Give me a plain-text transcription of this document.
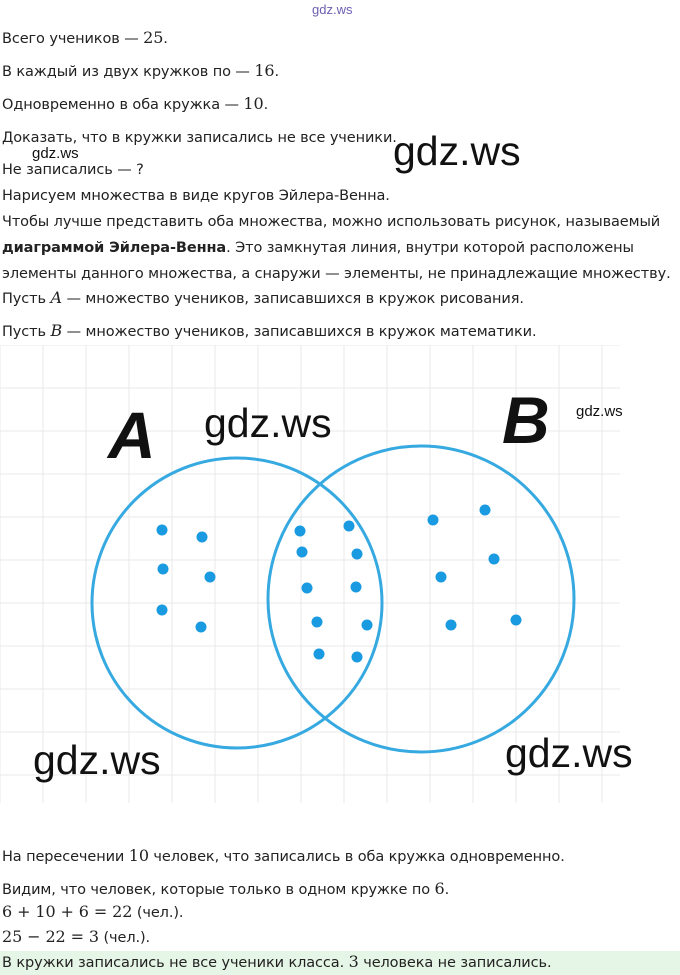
gdz.ws

Всего учеников — 25.

В каждый из двух кружков по — 16.

Одновременно в оба кружка — 10.

Доказать, что в кружки записались не все ученики.

gdz.ws
gdz.ws

Не записались — ?

Нарисуем множества в виде кругов Эйлера-Венна.

Чтобы лучше представить оба множества, можно использовать рисунок, называемый

диаграммой Эйлера-Венна. Это замкнутая линия, внутри которой расположены

элементы данного множества, а снаружи — элементы, не принадлежащие множеству.

Пусть A — множество учеников, записавшихся в кружок рисования.

Пусть B — множество учеников, записавшихся в кружок математики.

A	B
gdz.ws	gdz.ws
gdz.ws	gdz.ws

На пересечении 10 человек, что записались в оба кружка одновременно.

Видим, что человек, которые только в одном кружке по 6.

6 + 10 + 6 = 22 (чел.).

25 − 22 = 3 (чел.).

В кружки записались не все ученики класса. 3 человека не записались.
